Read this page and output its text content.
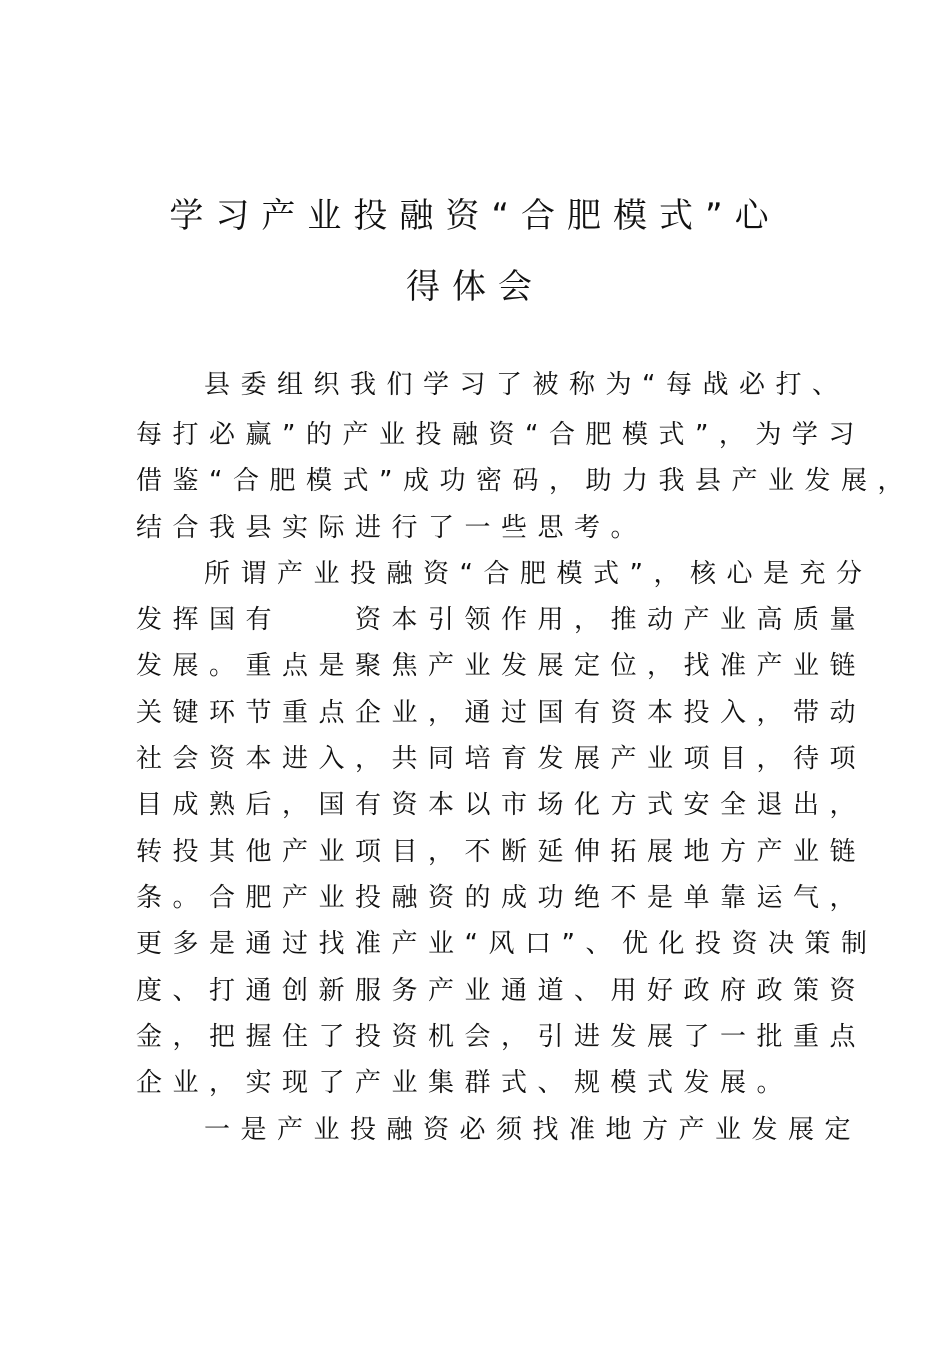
学习产业投融资“合肥模式”心
得体会
县委组织我们学习了被称为“每战必打、
每打必赢”的产业投融资“合肥模式”，为学习
借鉴“合肥模式”成功密码，助力我县产业发展，
结合我县实际进行了一些思考。
所谓产业投融资“合肥模式”，核心是充分
发挥国有　　资本引领作用，推动产业高质量
发展。重点是聚焦产业发展定位，找准产业链
关键环节重点企业，通过国有资本投入，带动
社会资本进入，共同培育发展产业项目，待项
目成熟后，国有资本以市场化方式安全退出，
转投其他产业项目，不断延伸拓展地方产业链
条。合肥产业投融资的成功绝不是单靠运气，
更多是通过找准产业“风口”、优化投资决策制
度、打通创新服务产业通道、用好政府政策资
金，把握住了投资机会，引进发展了一批重点
企业，实现了产业集群式、规模式发展。
一是产业投融资必须找准地方产业发展定
